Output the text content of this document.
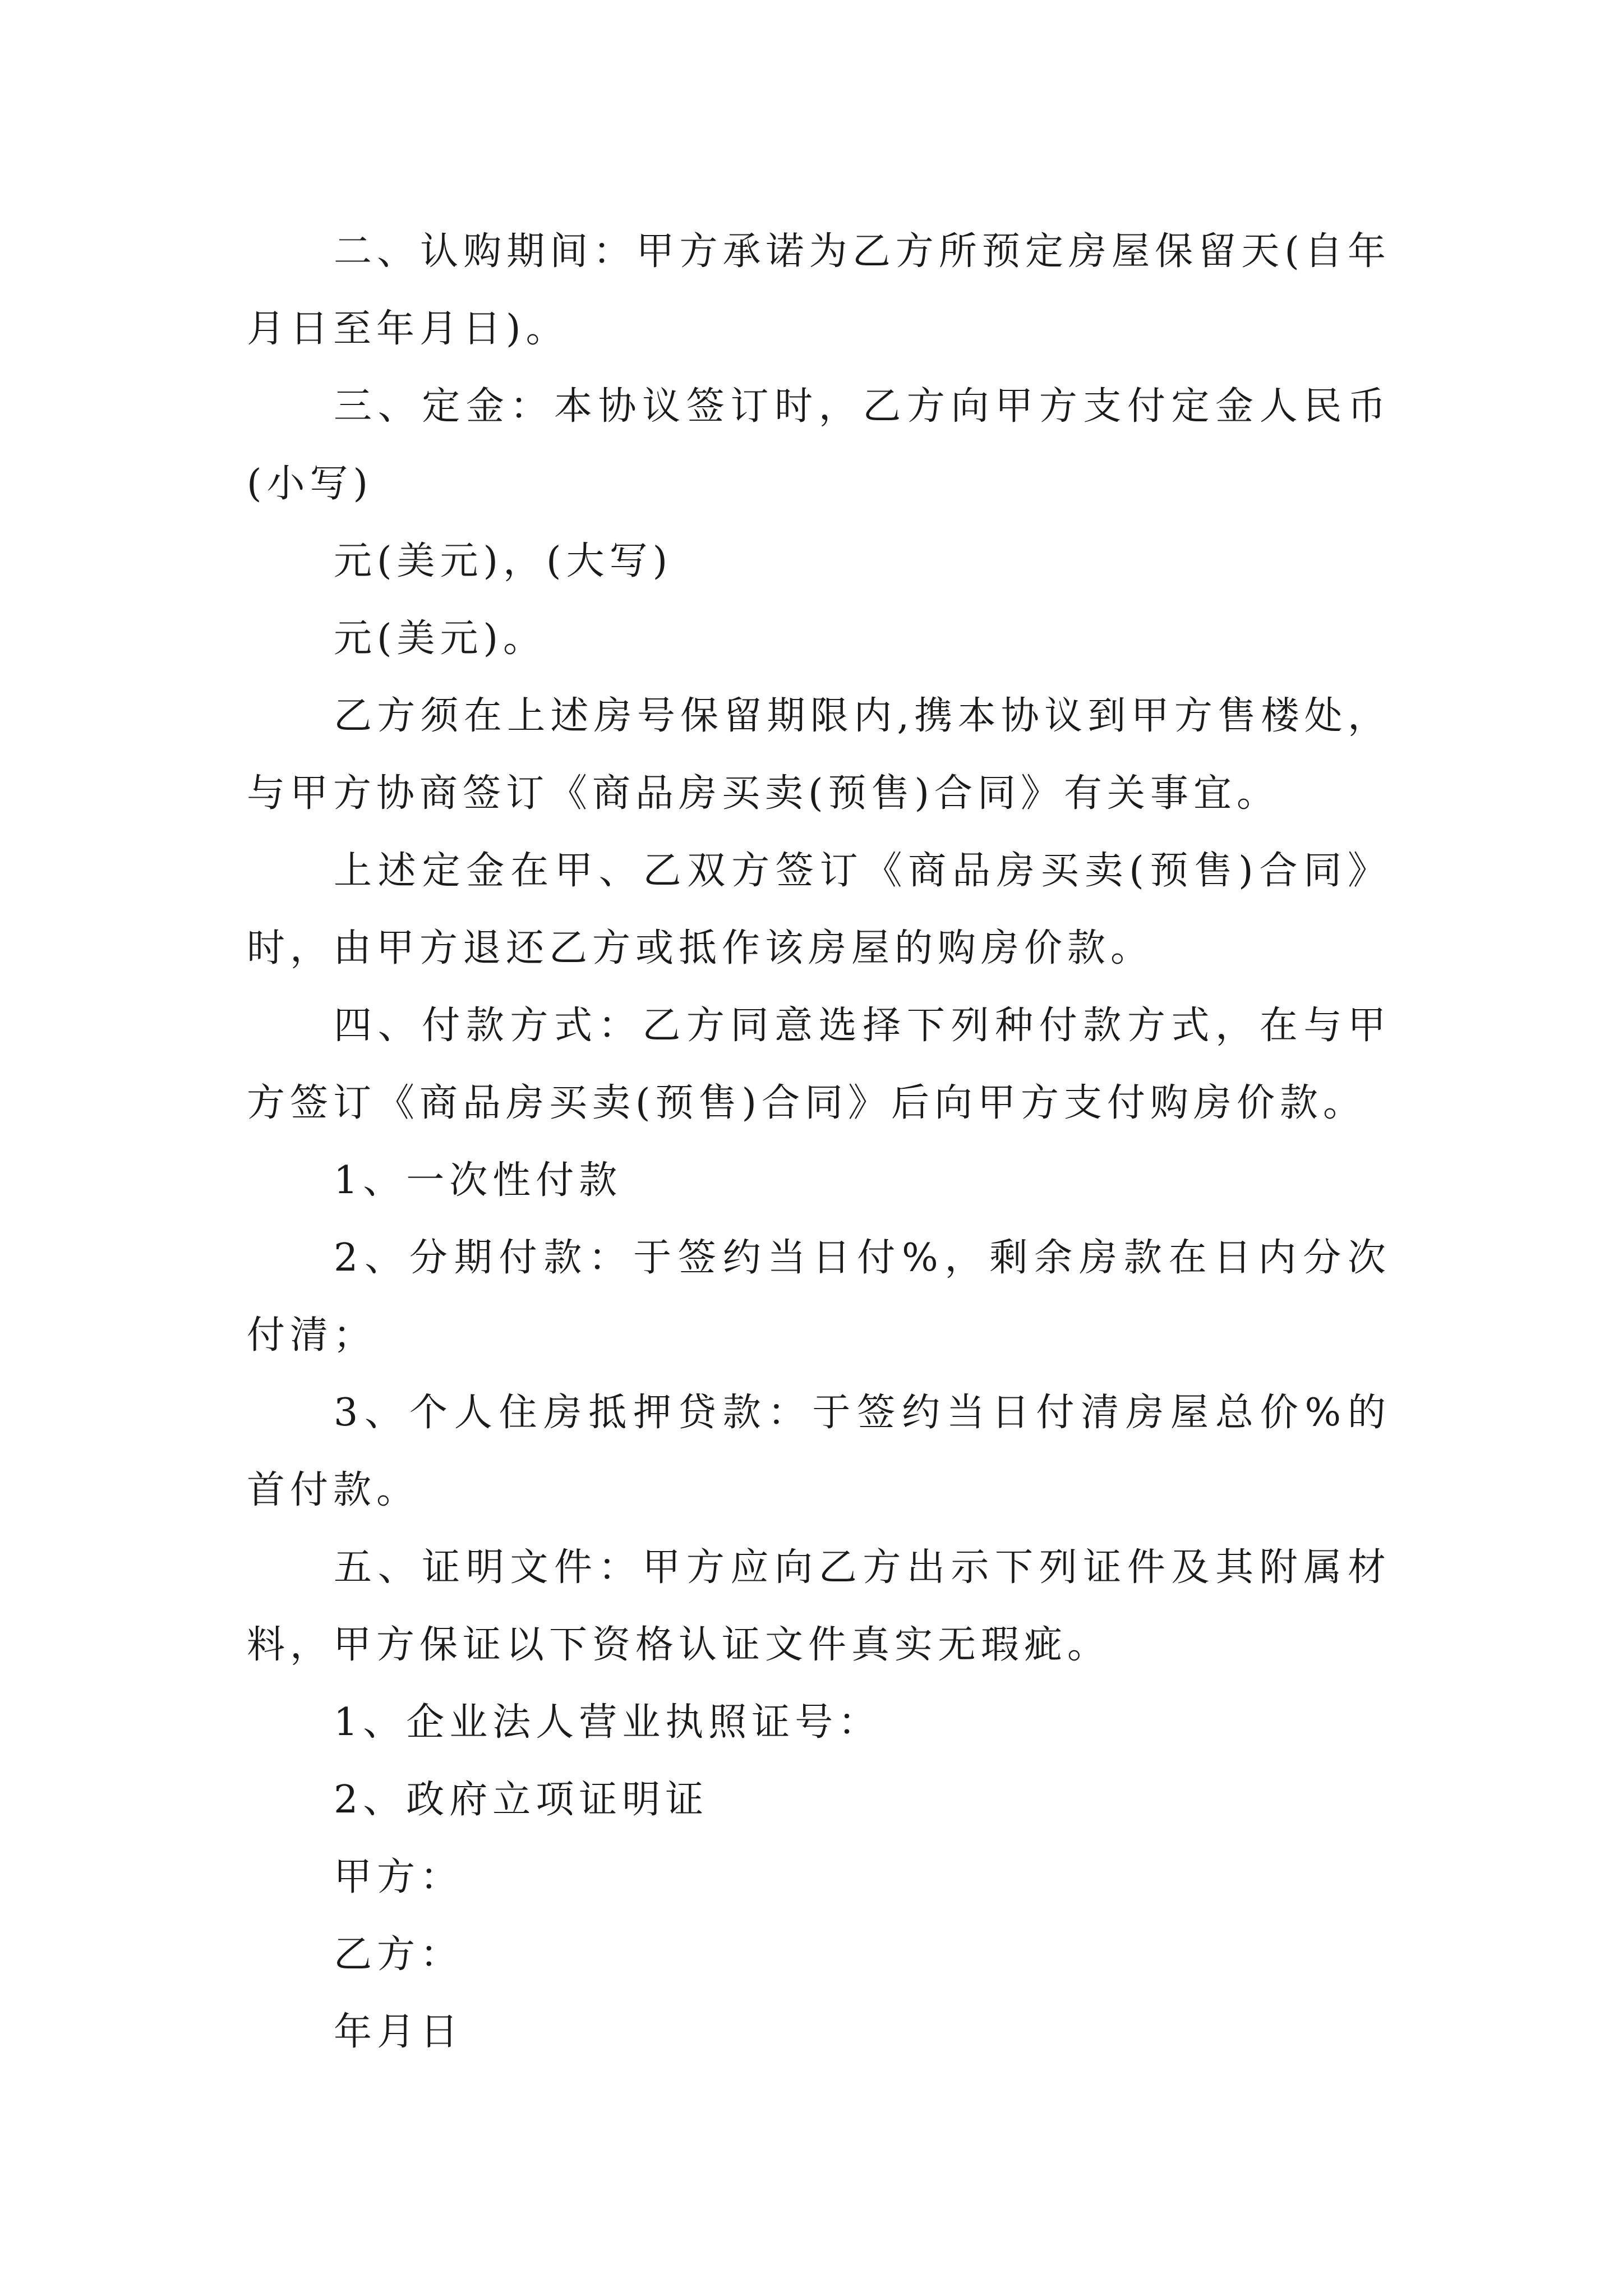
二、认购期间：甲方承诺为乙方所预定房屋保留天(自年月日至年月日)。

三、定金：本协议签订时，乙方向甲方支付定金人民币(小写)

元(美元)，(大写)

元(美元)。

乙方须在上述房号保留期限内,携本协议到甲方售楼处，与甲方协商签订《商品房买卖(预售)合同》有关事宜。

上述定金在甲、乙双方签订《商品房买卖(预售)合同》时，由甲方退还乙方或抵作该房屋的购房价款。

四、付款方式：乙方同意选择下列种付款方式，在与甲方签订《商品房买卖(预售)合同》后向甲方支付购房价款。

1、一次性付款

2、分期付款：于签约当日付%，剩余房款在日内分次付清；

3、个人住房抵押贷款：于签约当日付清房屋总价%的首付款。

五、证明文件：甲方应向乙方出示下列证件及其附属材料，甲方保证以下资格认证文件真实无瑕疵。

1、企业法人营业执照证号：

2、政府立项证明证

甲方：

乙方：

年月日
